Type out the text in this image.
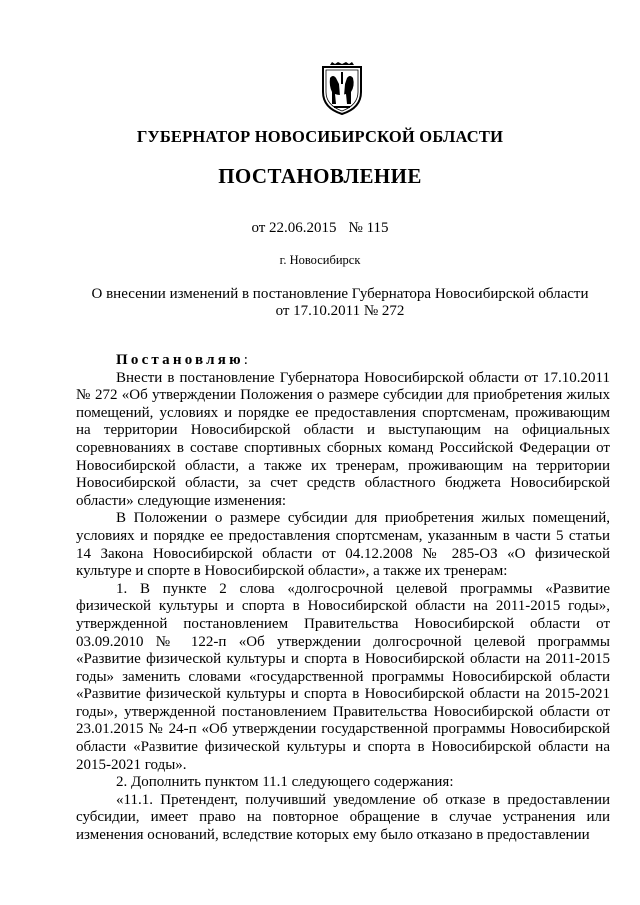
ГУБЕРНАТОР НОВОСИБИРСКОЙ ОБЛАСТИ
ПОСТАНОВЛЕНИЕ
от 22.06.2015 № 115
г. Новосибирск
О внесении изменений в постановление Губернатора Новосибирской области
от 17.10.2011 № 272

Постановляю:

Внести в постановление Губернатора Новосибирской области от 17.10.2011 № 272 «Об утверждении Положения о размере субсидии для приобретения жилых помещений, условиях и порядке ее предоставления спортсменам, проживающим на территории Новосибирской области и выступающим на официальных соревнованиях в составе спортивных сборных команд Российской Федерации от Новосибирской области, а также их тренерам, проживающим на территории Новосибирской области, за счет средств областного бюджета Новосибирской области» следующие изменения:

В Положении о размере субсидии для приобретения жилых помещений, условиях и порядке ее предоставления спортсменам, указанным в части 5 статьи 14 Закона Новосибирской области от 04.12.2008 № 285-ОЗ «О физической культуре и спорте в Новосибирской области», а также их тренерам:

1. В пункте 2 слова «долгосрочной целевой программы «Развитие физической культуры и спорта в Новосибирской области на 2011-2015 годы», утвержденной постановлением Правительства Новосибирской области от 03.09.2010 № 122-п «Об утверждении долгосрочной целевой программы «Развитие физической культуры и спорта в Новосибирской области на 2011-2015 годы» заменить словами «государственной программы Новосибирской области «Развитие физической культуры и спорта в Новосибирской области на 2015-2021 годы», утвержденной постановлением Правительства Новосибирской области от 23.01.2015 № 24-п «Об утверждении государственной программы Новосибирской области «Развитие физической культуры и спорта в Новосибирской области на 2015-2021 годы».

2. Дополнить пунктом 11.1 следующего содержания:

«11.1. Претендент, получивший уведомление об отказе в предоставлении субсидии, имеет право на повторное обращение в случае устранения или изменения оснований, вследствие которых ему было отказано в предоставлении
